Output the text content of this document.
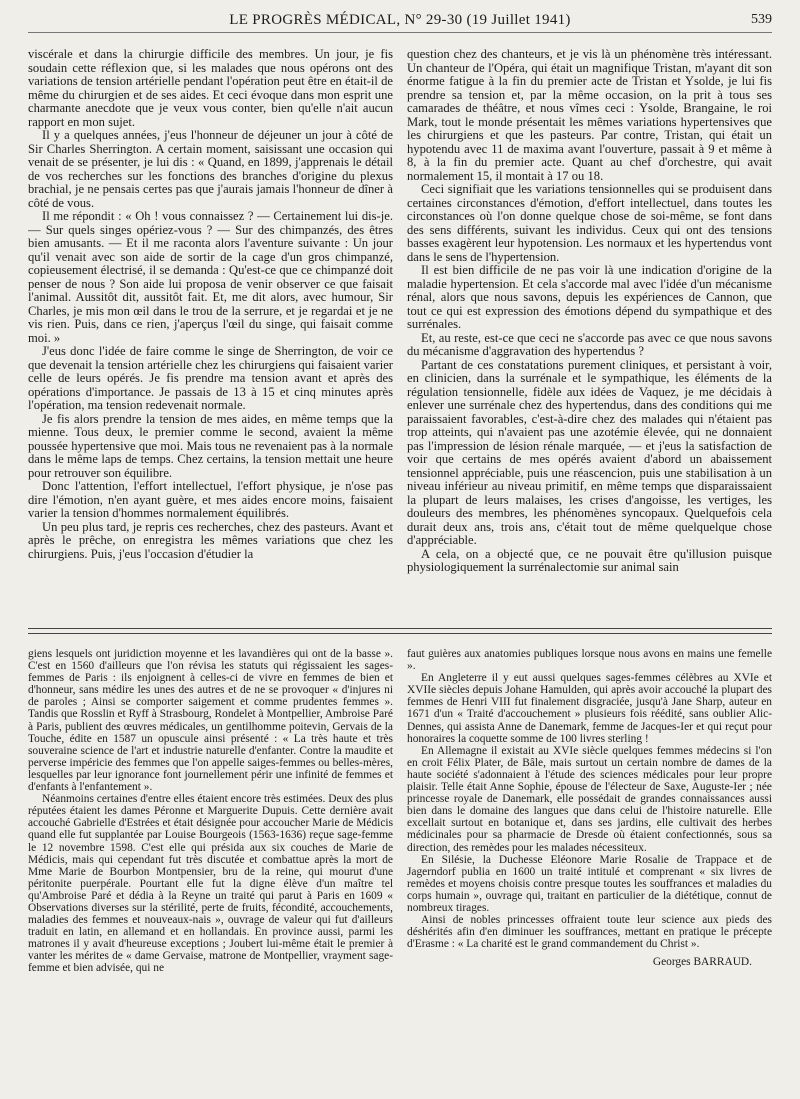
LE PROGRÈS MÉDICAL, N° 29-30 (19 Juillet 1941)	539

viscérale et dans la chirurgie difficile des membres. Un jour, je fis soudain cette réflexion que, si les malades que nous opérons ont des variations de tension artérielle pendant l'opération peut être en était-il de même du chirurgien et de ses aides. Et ceci évoque dans mon esprit une charmante anecdote que je veux vous conter, bien qu'elle n'ait aucun rapport en mon sujet.

Il y a quelques années, j'eus l'honneur de déjeuner un jour à côté de Sir Charles Sherrington. A certain moment, saisissant une occasion qui venait de se présenter, je lui dis : « Quand, en 1899, j'apprenais le détail de vos recherches sur les fonctions des branches d'origine du plexus brachial, je ne pensais certes pas que j'aurais jamais l'honneur de dîner à côté de vous.

Il me répondit : « Oh ! vous connaissez ? — Certainement lui dis-je. — Sur quels singes opériez-vous ? — Sur des chimpanzés, des êtres bien amusants. — Et il me raconta alors l'aventure suivante : Un jour qu'il venait avec son aide de sortir de la cage d'un gros chimpanzé, copieusement électrisé, il se demanda : Qu'est-ce que ce chimpanzé doit penser de nous ? Son aide lui proposa de venir observer ce que faisait l'animal. Aussitôt dit, aussitôt fait. Et, me dit alors, avec humour, Sir Charles, je mis mon œil dans le trou de la serrure, et je regardai et je ne vis rien. Puis, dans ce rien, j'aperçus l'œil du singe, qui faisait comme moi. »

J'eus donc l'idée de faire comme le singe de Sherrington, de voir ce que devenait la tension artérielle chez les chirurgiens qui faisaient varier celle de leurs opérés. Je fis prendre ma tension avant et après des opérations d'importance. Je passais de 13 à 15 et cinq minutes après l'opération, ma tension redevenait normale.

Je fis alors prendre la tension de mes aides, en même temps que la mienne. Tous deux, le premier comme le second, avaient la même poussée hypertensive que moi. Mais tous ne revenaient pas à la normale dans le même laps de temps. Chez certains, la tension mettait une heure pour retrouver son équilibre.

Donc l'attention, l'effort intellectuel, l'effort physique, je n'ose pas dire l'émotion, n'en ayant guère, et mes aides encore moins, faisaient varier la tension d'hommes normalement équilibrés.

Un peu plus tard, je repris ces recherches, chez des pasteurs. Avant et après le prêche, on enregistra les mêmes variations que chez les chirurgiens. Puis, j'eus l'occasion d'étudier la

question chez des chanteurs, et je vis là un phénomène très intéressant. Un chanteur de l'Opéra, qui était un magnifique Tristan, m'ayant dit son énorme fatigue à la fin du premier acte de Tristan et Ysolde, je lui fis prendre sa tension et, par la même occasion, on la prit à tous ses camarades de théâtre, et nous vîmes ceci : Ysolde, Brangaine, le roi Mark, tout le monde présentait les mêmes variations hypertensives que les chirurgiens et que les pasteurs. Par contre, Tristan, qui était un hypotendu avec 11 de maxima avant l'ouverture, passait à 9 et même à 8, à la fin du premier acte. Quant au chef d'orchestre, qui avait normalement 15, il montait à 17 ou 18.

Ceci signifiait que les variations tensionnelles qui se produisent dans certaines circonstances d'émotion, d'effort intellectuel, dans toutes les circonstances où l'on donne quelque chose de soi-même, se font dans des sens différents, suivant les individus. Ceux qui ont des tensions basses exagèrent leur hypotension. Les normaux et les hypertendus vont dans le sens de l'hypertension.

Il est bien difficile de ne pas voir là une indication d'origine de la maladie hypertension. Et cela s'accorde mal avec l'idée d'un mécanisme rénal, alors que nous savons, depuis les expériences de Cannon, que tout ce qui est expression des émotions dépend du sympathique et des surrénales.

Et, au reste, est-ce que ceci ne s'accorde pas avec ce que nous savons du mécanisme d'aggravation des hypertendus ?

Partant de ces constatations purement cliniques, et persistant à voir, en clinicien, dans la surrénale et le sympathique, les éléments de la régulation tensionnelle, fidèle aux idées de Vaquez, je me décidais à enlever une surrénale chez des hypertendus, dans des conditions qui me paraissaient favorables, c'est-à-dire chez des malades qui n'étaient pas trop atteints, qui n'avaient pas une azotémie élevée, qui ne donnaient pas l'impression de lésion rénale marquée, — et j'eus la satisfaction de voir que certains de mes opérés avaient d'abord un abaissement tensionnel appréciable, puis une réascencion, puis une stabilisation à un niveau inférieur au niveau primitif, en même temps que disparaissaient la plupart de leurs malaises, les crises d'angoisse, les vertiges, les douleurs des membres, les phénomènes syncopaux. Quelquefois cela durait deux ans, trois ans, c'était tout de même quelquelque chose d'appréciable.

A cela, on a objecté que, ce ne pouvait être qu'illusion puisque physiologiquement la surrénalectomie sur animal sain

giens lesquels ont juridiction moyenne et les lavandières qui ont de la basse ». C'est en 1560 d'ailleurs que l'on révisa les statuts qui régissaient les sages-femmes de Paris : ils enjoignent à celles-ci de vivre en femmes de bien et d'honneur, sans médire les unes des autres et de ne se provoquer « d'injures ni de paroles ; Ainsi se comporter saigement et comme prudentes femmes ». Tandis que Rosslin et Ryff à Strasbourg, Rondelet à Montpellier, Ambroise Paré à Paris, publient des œuvres médicales, un gentilhomme poitevin, Gervais de la Touche, édite en 1587 un opuscule ainsi présenté : « La très haute et très souveraine science de l'art et industrie naturelle d'enfanter. Contre la maudite et perverse impéricie des femmes que l'on appelle saiges-femmes ou belles-mères, lesquelles par leur ignorance font journellement périr une infinité de femmes et d'enfants à l'enfantement ».

Néanmoins certaines d'entre elles étaient encore très estimées. Deux des plus réputées étaient les dames Péronne et Marguerite Dupuis. Cette dernière avait accouché Gabrielle d'Estrées et était désignée pour accoucher Marie de Médicis quand elle fut supplantée par Louise Bourgeois (1563-1636) reçue sage-femme le 12 novembre 1598. C'est elle qui présida aux six couches de Marie de Médicis, mais qui cependant fut très discutée et combattue après la mort de Mme Marie de Bourbon Montpensier, bru de la reine, qui mourut d'une péritonite puerpérale. Pourtant elle fut la digne élève d'un maître tel qu'Ambroise Paré et dédia à la Reyne un traité qui parut à Paris en 1609 « Observations diverses sur la stérilité, perte de fruits, fécondité, accouchements, maladies des femmes et nouveaux-nais », ouvrage de valeur qui fut d'ailleurs traduit en latin, en allemand et en hollandais. En province aussi, parmi les matrones il y avait d'heureuse exceptions ; Joubert lui-même était le premier à vanter les mérites de « dame Gervaise, matrone de Montpellier, vrayment sage-femme et bien advisée, qui ne

faut guières aux anatomies publiques lorsque nous avons en mains une femelle ».

En Angleterre il y eut aussi quelques sages-femmes célèbres au XVIe et XVIIe siècles depuis Johane Hamulden, qui après avoir accouché la plupart des femmes de Henri VIII fut finalement disgraciée, jusqu'à Jane Sharp, auteur en 1671 d'un « Traité d'accouchement » plusieurs fois réédité, sans oublier Alic-Dennes, qui assista Anne de Danemark, femme de Jacques-Ier et qui reçut pour honoraires la coquette somme de 100 livres sterling !

En Allemagne il existait au XVIe siècle quelques femmes médecins si l'on en croit Félix Plater, de Bâle, mais surtout un certain nombre de dames de la haute société s'adonnaient à l'étude des sciences médicales pour leur propre plaisir. Telle était Anne Sophie, épouse de l'électeur de Saxe, Auguste-Ier ; née princesse royale de Danemark, elle possédait de grandes connaissances aussi bien dans le domaine des langues que dans celui de l'histoire naturelle. Elle excellait surtout en botanique et, dans ses jardins, elle cultivait des herbes médicinales pour sa pharmacie de Dresde où étaient confectionnés, sous sa direction, des remèdes pour les malades nécessiteux.

En Silésie, la Duchesse Eléonore Marie Rosalie de Trappace et de Jagerndorf publia en 1600 un traité intitulé et comprenant « six livres de remèdes et moyens choisis contre presque toutes les souffrances et maladies du corps humain », ouvrage qui, traitant en particulier de la diététique, connut de nombreux tirages.

Ainsi de nobles princesses offraient toute leur science aux pieds des déshérités afin d'en diminuer les souffrances, mettant en pratique le précepte d'Erasme : « La charité est le grand commandement du Christ ».

Georges BARRAUD.
